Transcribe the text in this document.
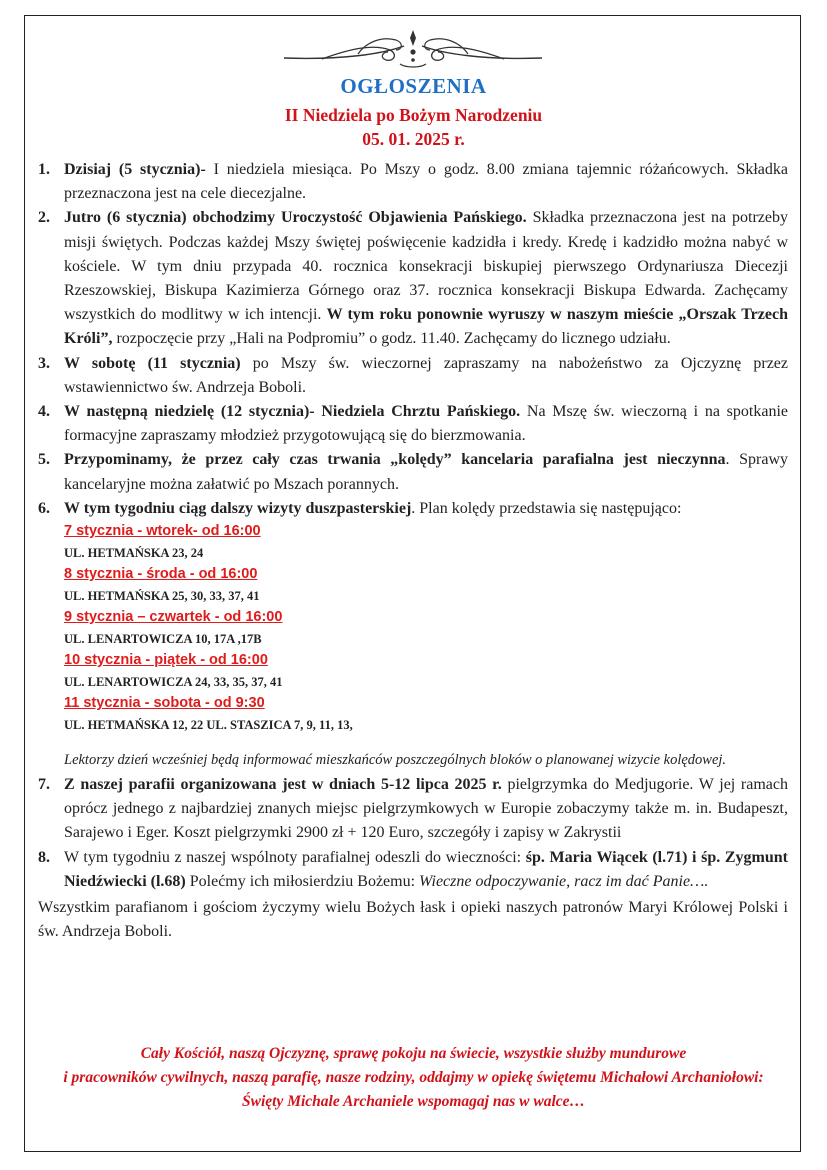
OGŁOSZENIA
II Niedziela po Bożym Narodzeniu
05. 01. 2025 r.
1. Dzisiaj (5 stycznia)- I niedziela miesiąca. Po Mszy o godz. 8.00 zmiana tajemnic różańcowych. Składka przeznaczona jest na cele diecezjalne.
2. Jutro (6 stycznia) obchodzimy Uroczystość Objawienia Pańskiego. Składka przeznaczona jest na potrzeby misji świętych. Podczas każdej Mszy świętej poświęcenie kadzidła i kredy. Kredę i kadzidło można nabyć w kościele. W tym dniu przypada 40. rocznica konsekracji biskupiej pierwszego Ordynariusza Diecezji Rzeszowskiej, Biskupa Kazimierza Górnego oraz 37. rocznica konsekracji Biskupa Edwarda. Zachęcamy wszystkich do modlitwy w ich intencji. W tym roku ponownie wyruszy w naszym mieście „Orszak Trzech Króli”, rozpoczęcie przy „Hali na Podpromiu” o godz. 11.40. Zachęcamy do licznego udziału.
3. W sobotę (11 stycznia) po Mszy św. wieczornej zapraszamy na nabożeństwo za Ojczyznę przez wstawiennictwo św. Andrzeja Boboli.
4. W następną niedzielę (12 stycznia)- Niedziela Chrztu Pańskiego. Na Mszę św. wieczorną i na spotkanie formacyjne zapraszamy młodzież przygotowującą się do bierzmowania.
5. Przypominamy, że przez cały czas trwania „kolędy” kancelaria parafialna jest nieczynna. Sprawy kancelaryjne można załatwić po Mszach porannych.
6. W tym tygodniu ciąg dalszy wizyty duszpasterskiej. Plan kolędy przedstawia się następująco:
7 stycznia - wtorek- od 16:00
UL. HETMAŃSKA 23, 24
8 stycznia - środa - od 16:00
UL. HETMAŃSKA 25, 30, 33, 37, 41
9 stycznia – czwartek - od 16:00
UL. LENARTOWICZA 10, 17A ,17B
10 stycznia - piątek - od 16:00
UL. LENARTOWICZA 24, 33, 35, 37, 41
11 stycznia - sobota - od 9:30
UL. HETMAŃSKA 12, 22 UL. STASZICA 7, 9, 11, 13,
Lektorzy dzień wcześniej będą informować mieszkańców poszczególnych bloków o planowanej wizycie kolędowej.
7. Z naszej parafii organizowana jest w dniach 5-12 lipca 2025 r. pielgrzymka do Medjugorie. W jej ramach oprócz jednego z najbardziej znanych miejsc pielgrzymkowych w Europie zobaczymy także m. in. Budapeszt, Sarajewo i Eger. Koszt pielgrzymki 2900 zł + 120 Euro, szczegóły i zapisy w Zakrystii
8. W tym tygodniu z naszej wspólnoty parafialnej odeszli do wieczności: śp. Maria Wiącek (l.71) i śp. Zygmunt Niedźwiecki (l.68) Polećmy ich miłosierdziu Bożemu: Wieczne odpoczywanie, racz im dać Panie….
Wszystkim parafianom i gościom życzymy wielu Bożych łask i opieki naszych patronów Maryi Królowej Polski i św. Andrzeja Boboli.
Cały Kościół, naszą Ojczyznę, sprawę pokoju na świecie, wszystkie służby mundurowe
i pracowników cywilnych, naszą parafię, nasze rodziny, oddajmy w opiekę świętemu Michałowi Archaniołowi:
Święty Michale Archaniele wspomagaj nas w walce…
